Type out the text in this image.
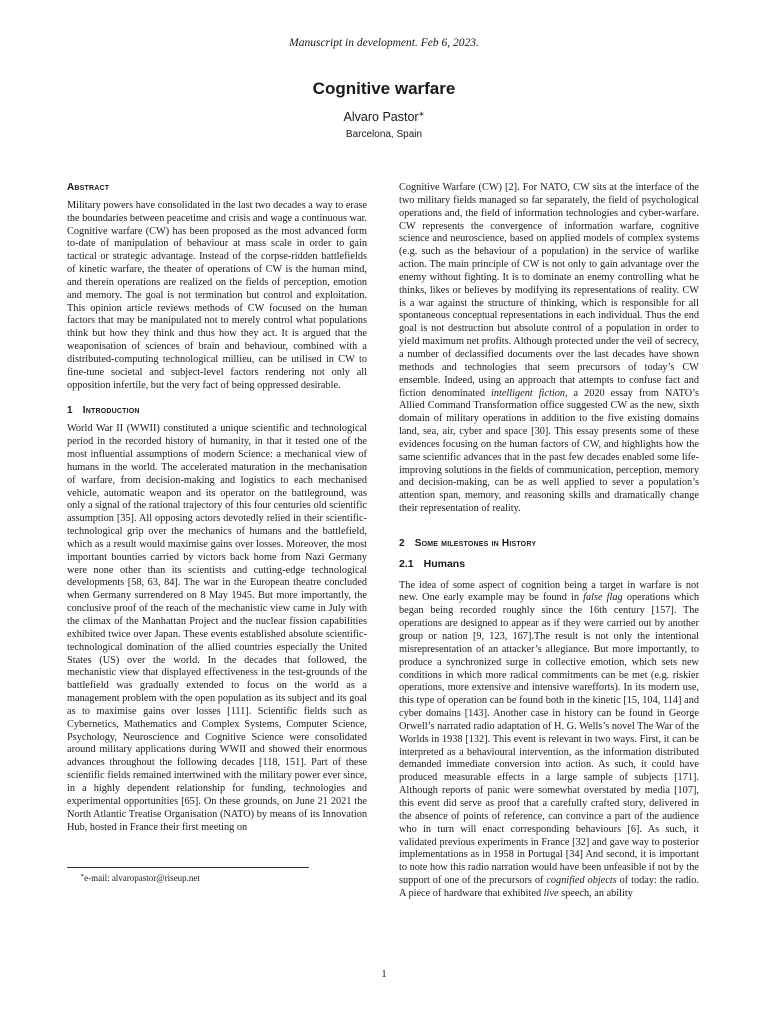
Manuscript in development. Feb 6, 2023.
Cognitive warfare
Alvaro Pastor∗
Barcelona, Spain
Abstract

Military powers have consolidated in the last two decades a way to erase the boundaries between peacetime and crisis and wage a continuous war. Cognitive warfare (CW) has been proposed as the most advanced form to-date of manipulation of behaviour at mass scale in order to gain tactical or strategic advantage. Instead of the corpse-ridden battlefields of kinetic warfare, the theater of operations of CW is the human mind, and therein operations are realized on the fields of perception, emotion and memory. The goal is not termination but control and exploitation. This opinion article reviews methods of CW focused on the human factors that may be manipulated not to merely control what populations think but how they think and thus how they act. It is argued that the weaponisation of sciences of brain and behaviour, combined with a distributed-computing technological millieu, can be utilised in CW to fine-tune societal and subject-level factors rendering not only all opposition infertile, but the very fact of being oppressed desirable.

1 Introduction

World War II (WWII) constituted a unique scientific and technological period in the recorded history of humanity, in that it tested one of the most influential assumptions of modern Science: a mechanical view of humans in the world. The accelerated maturation in the mechanisation of warfare, from decision-making and logistics to each mechanised vehicle, automatic weapon and its operator on the battleground, was only a signal of the rational trajectory of this four centuries old scientific assumption [35]. All opposing actors devotedly relied in their scientific-technological grip over the mechanics of humans and the battlefield, which as a result would maximise gains over losses. Moreover, the most important bounties carried by victors back home from Nazi Germany were none other than its scientists and cutting-edge technological developments [58, 63, 84]. The war in the European theatre concluded when Germany surrendered on 8 May 1945. But more importantly, the conclusive proof of the reach of the mechanistic view came in July with the climax of the Manhattan Project and the nuclear fission capabilities exhibited twice over Japan. These events established absolute scientific-technological domination of the allied countries especially the United States (US) over the world. In the decades that followed, the mechanistic view that displayed effectiveness in the test-grounds of the battlefield was gradually extended to focus on the world as a management problem with the open population as its subject and its goal as to maximise gains over losses [111]. Scientific fields such as Cybernetics, Mathematics and Complex Systems, Computer Science, Psychology, Neuroscience and Cognitive Science were consolidated around military applications during WWII and showed their enormous advances throughout the following decades [118, 151]. Part of these scientific fields remained intertwined with the military power ever since, in a highly dependent relationship for funding, technologies and experimental opportunities [65]. On these grounds, on June 21 2021 the North Atlantic Treatise Organisation (NATO) by means of its Innovation Hub, hosted in France their first meeting on

∗e-mail: alvaropastor@riseup.net

Cognitive Warfare (CW) [2]. For NATO, CW sits at the interface of the two military fields managed so far separately, the field of psychological operations and, the field of information technologies and cyber-warfare. CW represents the convergence of information warfare, cognitive science and neuroscience, based on applied models of complex systems (e.g. such as the behaviour of a population) in the service of warlike action. The main principle of CW is not only to gain advantage over the enemy without fighting. It is to dominate an enemy controlling what he thinks, likes or believes by modifying its representations of reality. CW is a war against the structure of thinking, which is responsible for all spontaneous conceptual representations in each individual. Thus the end goal is not destruction but absolute control of a population in order to yield maximum net profits. Although protected under the veil of secrecy, a number of declassified documents over the last decades have shown methods and technologies that seem precursors of today’s CW ensemble. Indeed, using an approach that attempts to confuse fact and fiction denominated intelligent fiction, a 2020 essay from NATO’s Allied Command Transformation office suggested CW as the new, sixth domain of military operations in addition to the five existing domains land, sea, air, cyber and space [30]. This essay presents some of these evidences focusing on the human factors of CW, and highlights how the same scientific advances that in the past few decades enabled some life-improving solutions in the fields of communication, perception, memory and decision-making, can be as well applied to sever a population’s attention span, memory, and reasoning skills and dramatically change their representation of reality.

2 Some milestones in History
2.1 Humans

The idea of some aspect of cognition being a target in warfare is not new. One early example may be found in false flag operations which began being recorded roughly since the 16th century [157]. The operations are designed to appear as if they were carried out by another group or nation [9, 123, 167].The result is not only the intentional misrepresentation of an attacker’s allegiance. But more importantly, to produce a synchronized surge in collective emotion, which sets new conditions in which more radical commitments can be met (e.g. riskier operations, more extensive and intensive warefforts). In its modern use, this type of operation can be found both in the kinetic [15, 104, 114] and cyber domains [143]. Another case in history can be found in George Orwell’s narrated radio adaptation of H. G. Wells’s novel The War of the Worlds in 1938 [132]. This event is relevant in two ways. First, it can be interpreted as a behavioural intervention, as the information distributed demanded immediate conversion into action. As such, it could have produced measurable effects in a large sample of subjects [171]. Although reports of panic were somewhat overstated by media [107], this event did serve as proof that a carefully crafted story, delivered in the absence of points of reference, can convince a part of the audience who in turn will enact corresponding behaviours [6]. As such, it validated previous experiments in France [32] and gave way to posterior implementations as in 1958 in Portugal [34] And second, it is important to note how this radio narration would have been unfeasible if not by the support of one of the precursors of cognified objects of today: the radio. A piece of hardware that exhibited live speech, an ability

1
